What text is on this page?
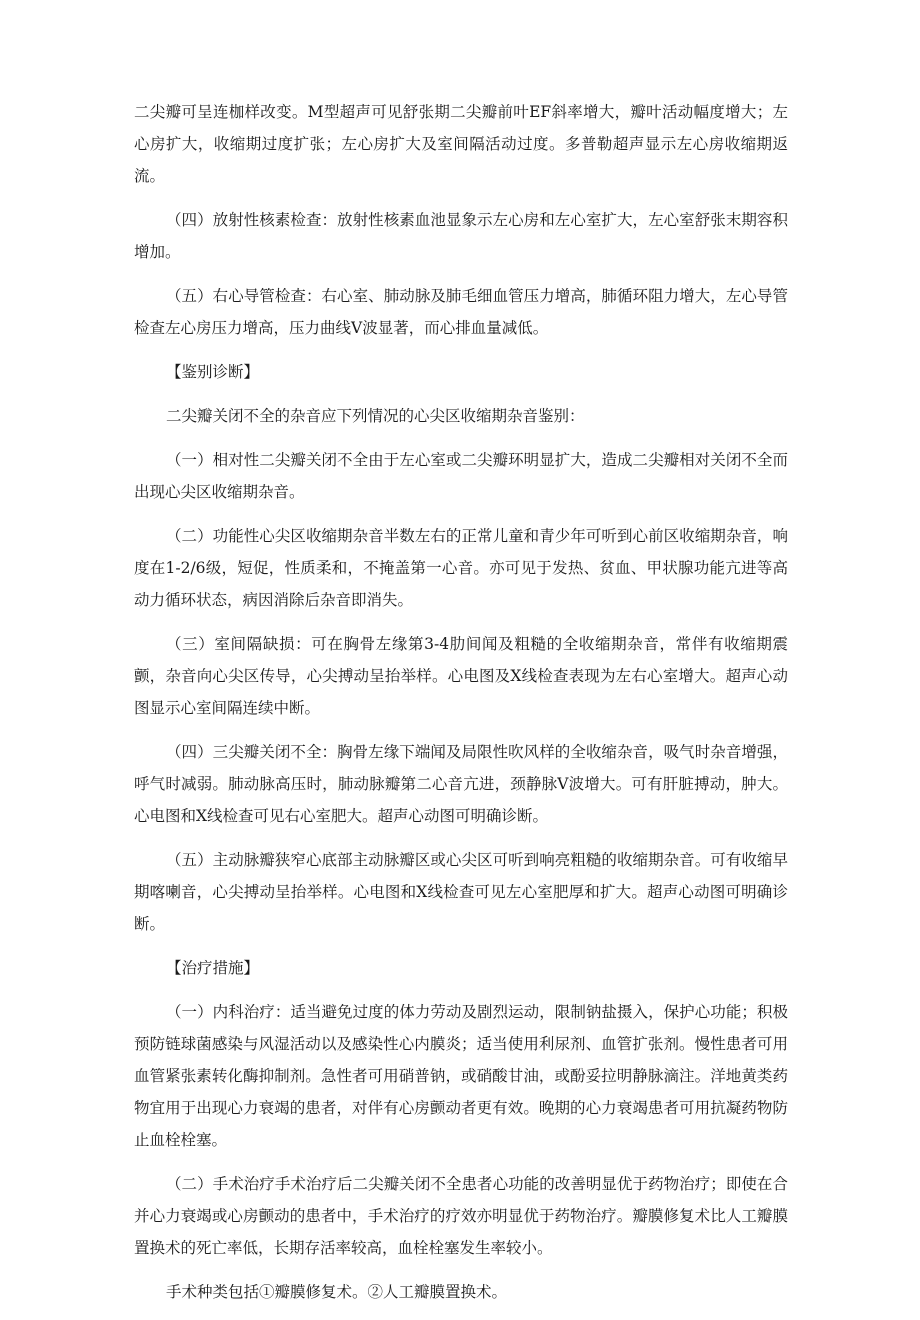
二尖瓣可呈连枷样改变。M型超声可见舒张期二尖瓣前叶EF斜率增大，瓣叶活动幅度增大；左心房扩大，收缩期过度扩张；左心房扩大及室间隔活动过度。多普勒超声显示左心房收缩期返流。

（四）放射性核素检查：放射性核素血池显象示左心房和左心室扩大，左心室舒张末期容积增加。

（五）右心导管检查：右心室、肺动脉及肺毛细血管压力增高，肺循环阻力增大，左心导管检查左心房压力增高，压力曲线V波显著，而心排血量减低。

【鉴别诊断】

二尖瓣关闭不全的杂音应下列情况的心尖区收缩期杂音鉴别：

（一）相对性二尖瓣关闭不全由于左心室或二尖瓣环明显扩大，造成二尖瓣相对关闭不全而出现心尖区收缩期杂音。

（二）功能性心尖区收缩期杂音半数左右的正常儿童和青少年可听到心前区收缩期杂音，响度在1-2/6级，短促，性质柔和，不掩盖第一心音。亦可见于发热、贫血、甲状腺功能亢进等高动力循环状态，病因消除后杂音即消失。

（三）室间隔缺损：可在胸骨左缘第3-4肋间闻及粗糙的全收缩期杂音，常伴有收缩期震颤，杂音向心尖区传导，心尖搏动呈抬举样。心电图及X线检查表现为左右心室增大。超声心动图显示心室间隔连续中断。

（四）三尖瓣关闭不全：胸骨左缘下端闻及局限性吹风样的全收缩杂音，吸气时杂音增强，呼气时减弱。肺动脉高压时，肺动脉瓣第二心音亢进，颈静脉V波增大。可有肝脏搏动，肿大。心电图和X线检查可见右心室肥大。超声心动图可明确诊断。

（五）主动脉瓣狭窄心底部主动脉瓣区或心尖区可听到响亮粗糙的收缩期杂音。可有收缩早期喀喇音，心尖搏动呈抬举样。心电图和X线检查可见左心室肥厚和扩大。超声心动图可明确诊断。

【治疗措施】

（一）内科治疗：适当避免过度的体力劳动及剧烈运动，限制钠盐摄入，保护心功能；积极预防链球菌感染与风湿活动以及感染性心内膜炎；适当使用利尿剂、血管扩张剂。慢性患者可用血管紧张素转化酶抑制剂。急性者可用硝普钠，或硝酸甘油，或酚妥拉明静脉滴注。洋地黄类药物宜用于出现心力衰竭的患者，对伴有心房颤动者更有效。晚期的心力衰竭患者可用抗凝药物防止血栓栓塞。

（二）手术治疗手术治疗后二尖瓣关闭不全患者心功能的改善明显优于药物治疗；即使在合并心力衰竭或心房颤动的患者中，手术治疗的疗效亦明显优于药物治疗。瓣膜修复术比人工瓣膜置换术的死亡率低，长期存活率较高，血栓栓塞发生率较小。

手术种类包括①瓣膜修复术。②人工瓣膜置换术。
